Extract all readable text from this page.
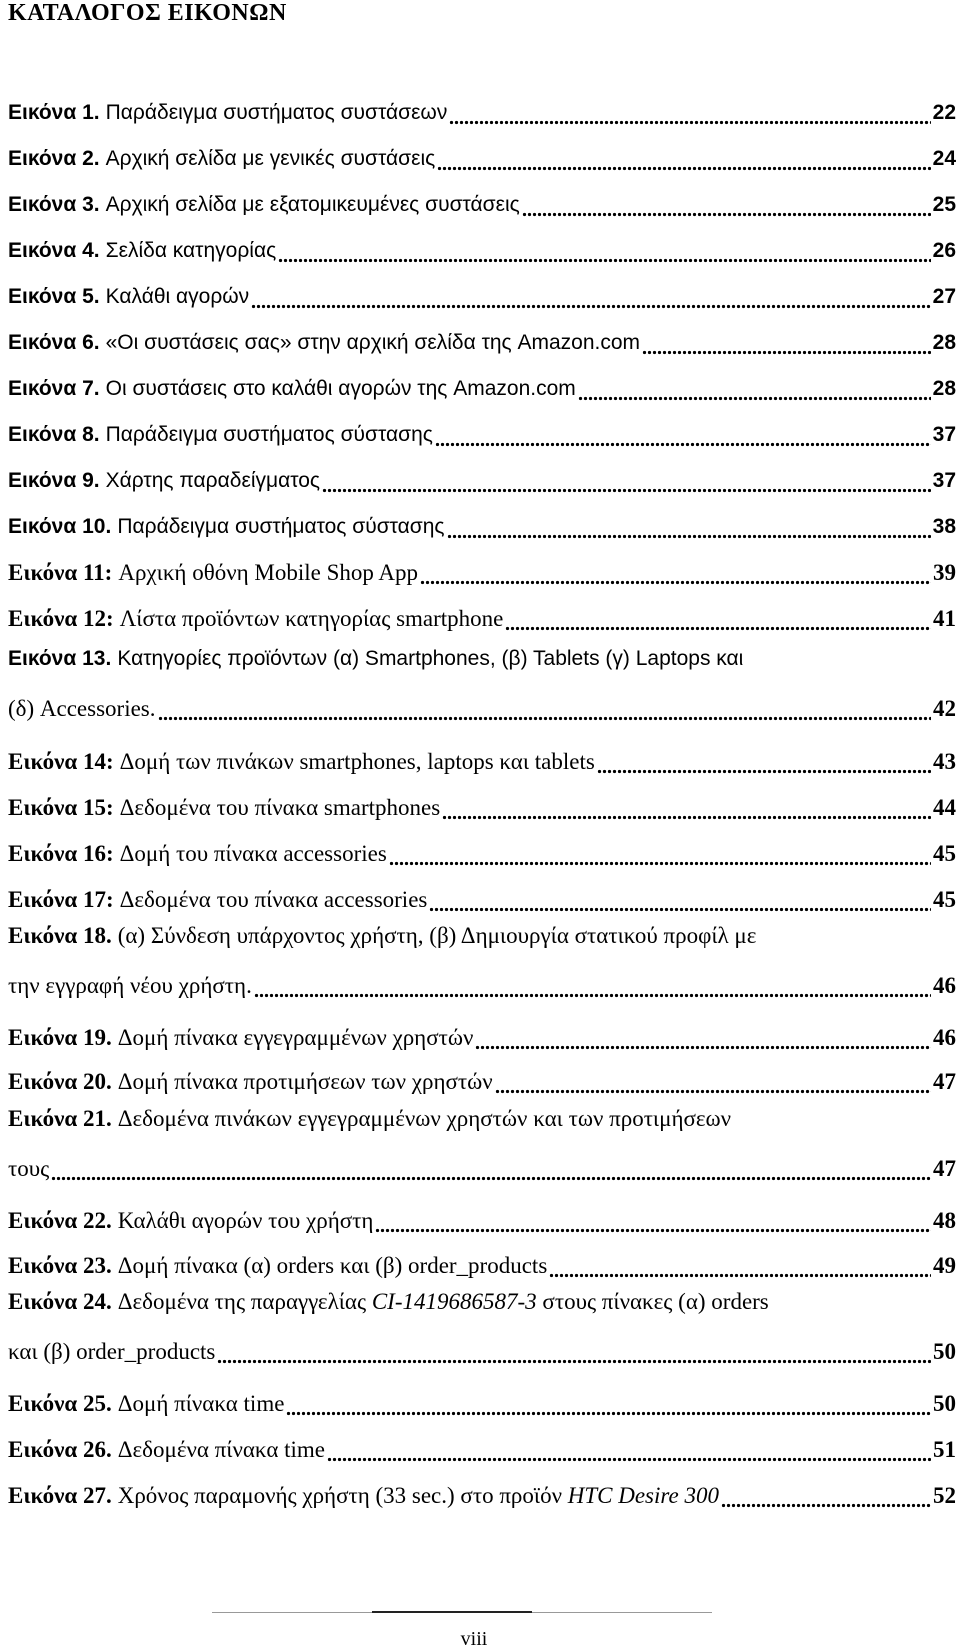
ΚΑΤΑΛΟΓΟΣ ΕΙΚΟΝΩΝ
Εικόνα 1. Παράδειγμα συστήματος συστάσεων	22
Εικόνα 2. Αρχική σελίδα με γενικές συστάσεις	24
Εικόνα 3. Αρχική σελίδα με εξατομικευμένες συστάσεις	25
Εικόνα 4. Σελίδα κατηγορίας	26
Εικόνα 5. Καλάθι αγορών	27
Εικόνα 6. «Οι συστάσεις σας» στην αρχική σελίδα της Amazon.com	28
Εικόνα 7. Οι συστάσεις στο καλάθι αγορών της Amazon.com	28
Εικόνα 8. Παράδειγμα συστήματος σύστασης	37
Εικόνα 9. Χάρτης παραδείγματος	37
Εικόνα 10. Παράδειγμα συστήματος σύστασης	38
Εικόνα 11: Αρχική οθόνη Mobile Shop App	39
Εικόνα 12: Λίστα προϊόντων κατηγορίας smartphone	41
Εικόνα 13. Κατηγορίες προϊόντων (α) Smartphones, (β) Tablets (γ) Laptops και
(δ) Accessories.	42
Εικόνα 14: Δομή των πινάκων smartphones, laptops και tablets	43
Εικόνα 15: Δεδομένα του πίνακα smartphones	44
Εικόνα 16: Δομή του πίνακα accessories	45
Εικόνα 17: Δεδομένα του πίνακα accessories	45
Εικόνα 18. (α) Σύνδεση υπάρχοντος χρήστη, (β) Δημιουργία στατικού προφίλ με
την εγγραφή νέου χρήστη.	46
Εικόνα 19. Δομή πίνακα εγγεγραμμένων χρηστών	46
Εικόνα 20. Δομή πίνακα προτιμήσεων των χρηστών	47
Εικόνα 21. Δεδομένα πινάκων εγγεγραμμένων χρηστών και των προτιμήσεων
τους	47
Εικόνα 22. Καλάθι αγορών του χρήστη	48
Εικόνα 23. Δομή πίνακα (α) orders και (β) order_products	49
Εικόνα 24. Δεδομένα της παραγγελίας CI-1419686587-3 στους πίνακες (α) orders
και (β) order_products	50
Εικόνα 25. Δομή πίνακα time	50
Εικόνα 26. Δεδομένα πίνακα time	51
Εικόνα 27. Χρόνος παραμονής χρήστη (33 sec.) στο προϊόν HTC Desire 300	52
viii
